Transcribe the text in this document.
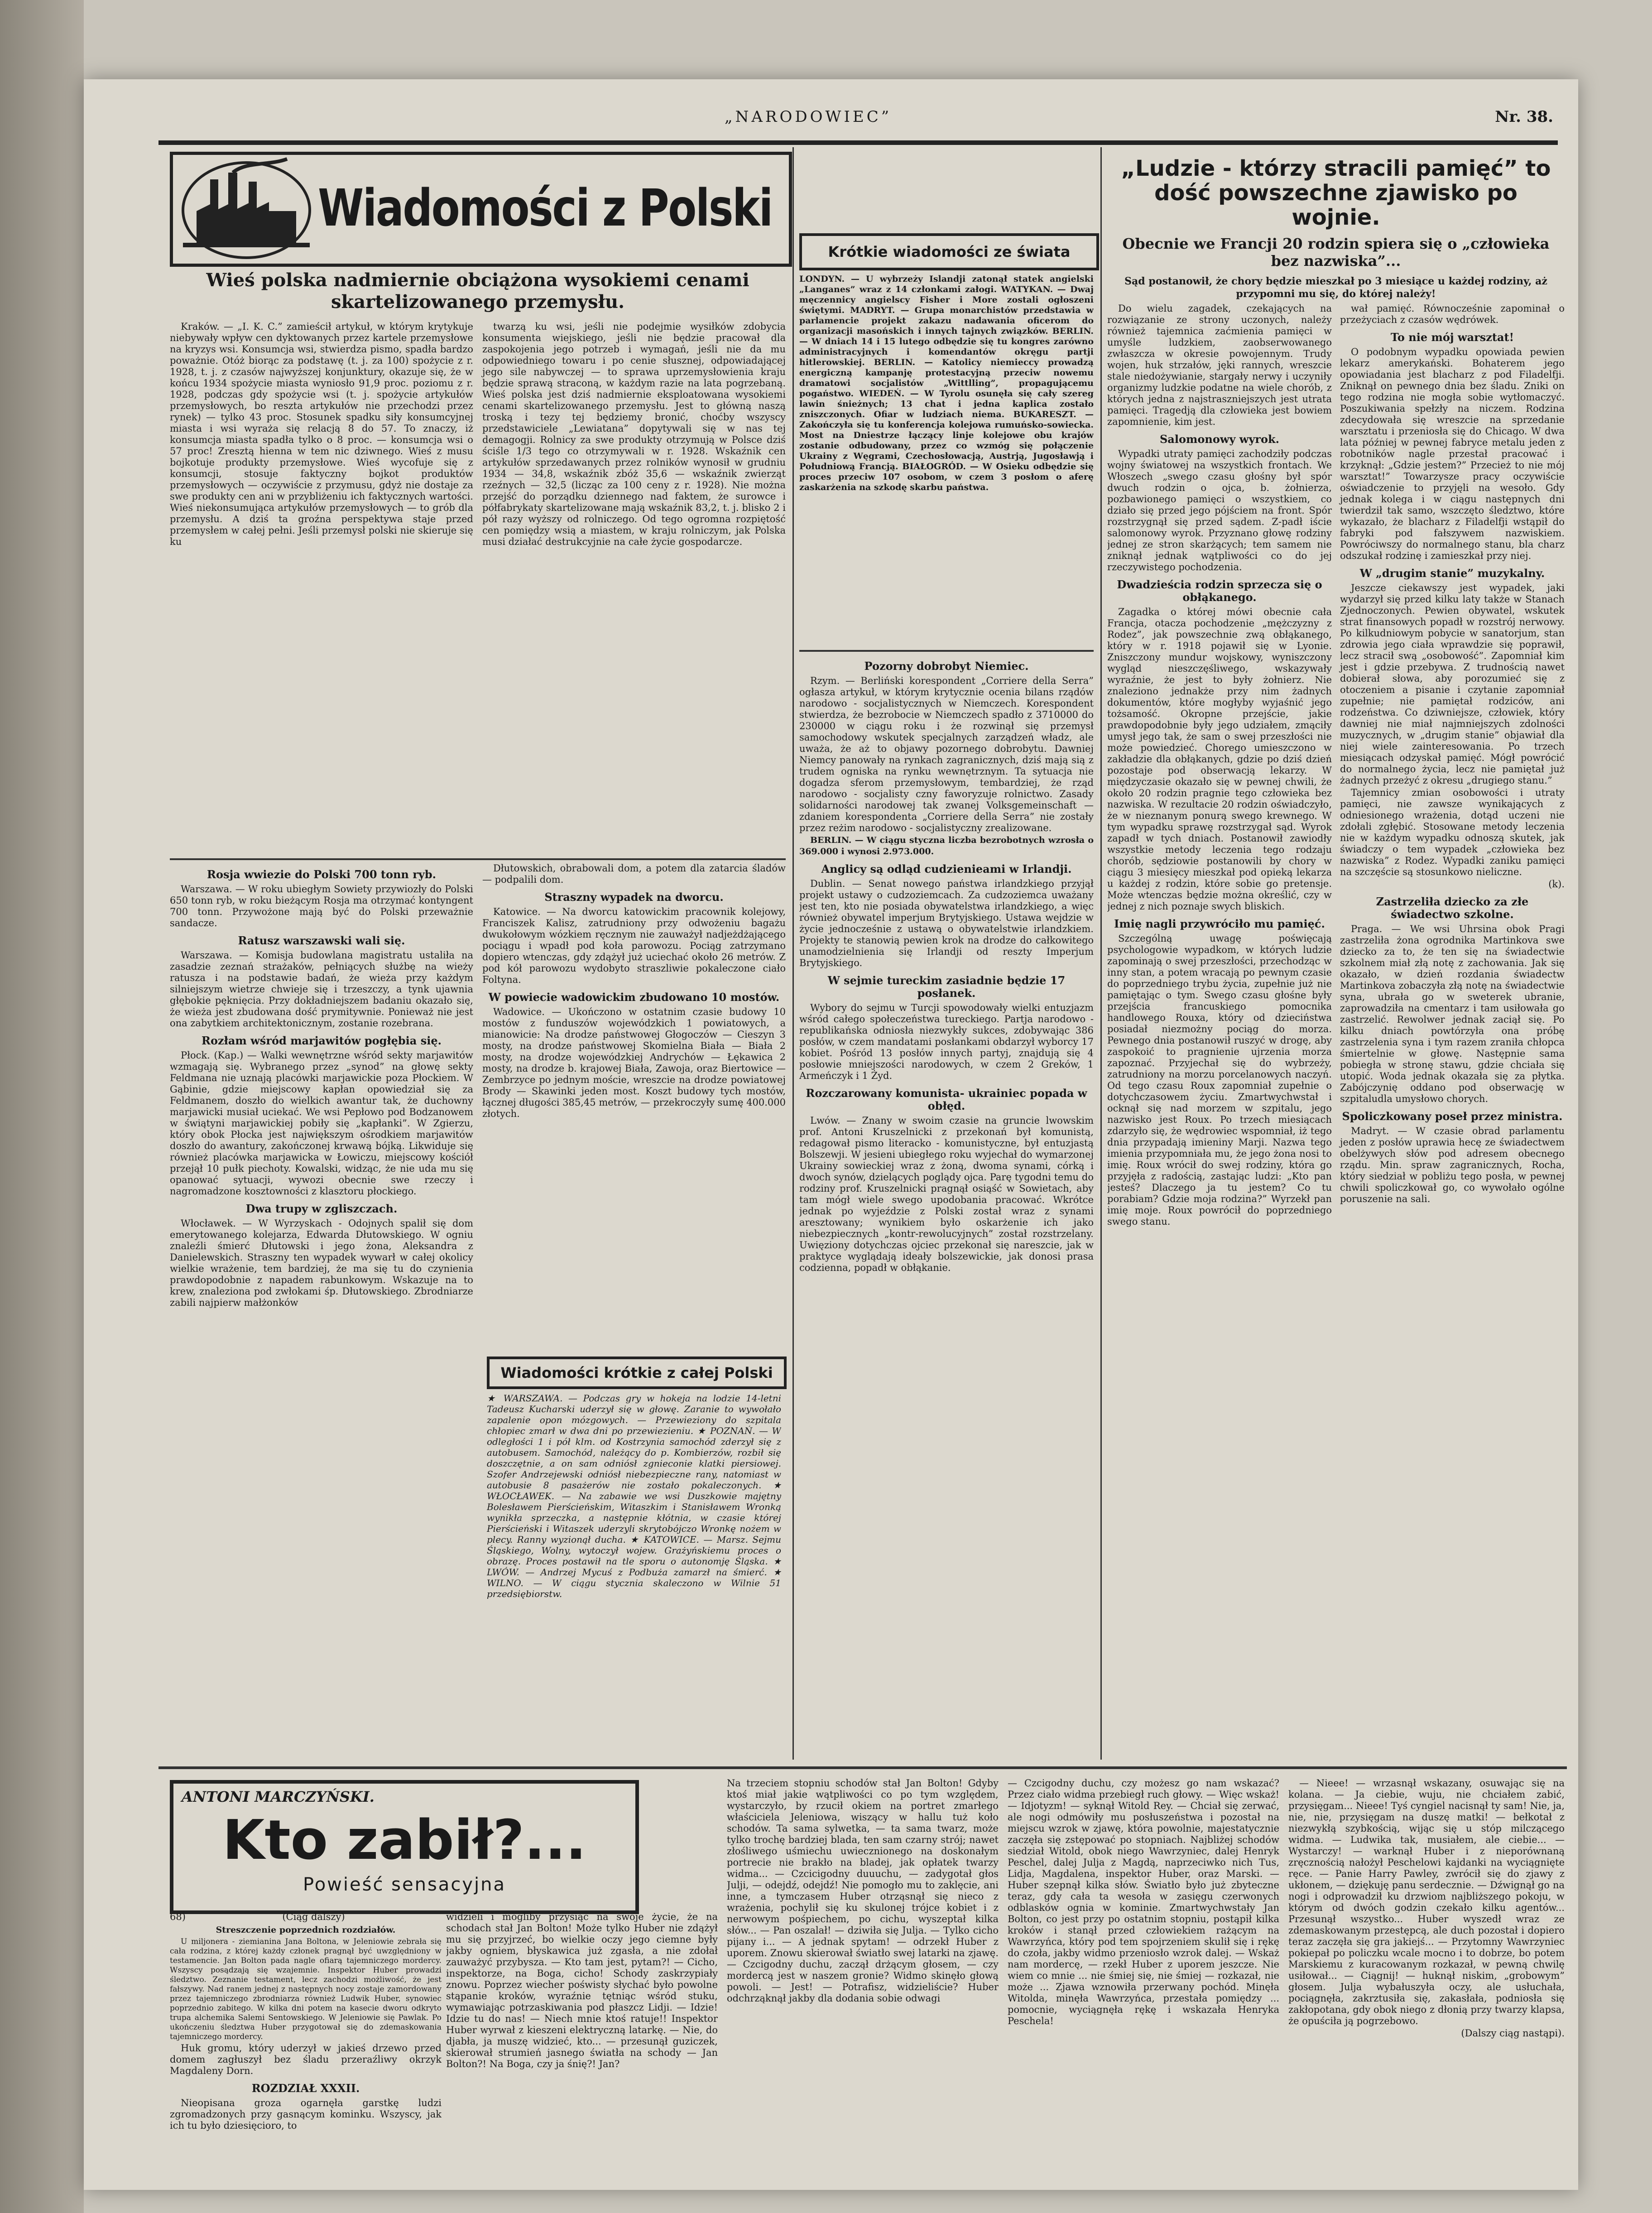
„NARODOWIEC”	Nr. 38.
Wiadomości z Polski
Wieś polska nadmiernie obciążona wysokiemi cenami skartelizowanego przemysłu.
Kraków. — „I. K. C.” zamieścił artykuł, w którym krytykuje niebywały wpływ cen dyktowanych przez kartele przemysłowe na kryzys wsi. Konsumcja wsi, stwierdza pismo, spadła bardzo poważnie. Otóż biorąc za podstawę (t. j. za 100) spożycie z r. 1928, t. j. z czasów najwyższej konjunktury, okazuje się, że w końcu 1934 spożycie miasta wyniosło 91,9 proc. poziomu z r. 1928, podczas gdy spożycie wsi (t. j. spożycie artykułów przemysłowych, bo reszta artykułów nie przechodzi przez rynek) — tylko 43 proc. Stosunek spadku siły konsumcyjnej miasta i wsi wyraża się relacją 8 do 57. To znaczy, iż konsumcja miasta spadła tylko o 8 proc. — konsumcja wsi o 57 proc! Zresztą hienna w tem nic dziwnego. Wieś z musu bojkotuje produkty przemysłowe. Wieś wycofuje się z konsumcji, stosuje faktyczny bojkot produktów przemysłowych — oczywiście z przymusu, gdyż nie dostaje za swe produkty cen ani w przybliżeniu ich faktycznych wartości. Wieś niekonsumująca artykułów przemysłowych — to grób dla przemysłu. A dziś ta groźna perspektywa staje przed przemysłem w całej pełni. Jeśli przemysł polski nie skieruje się ku
twarzą ku wsi, jeśli nie podejmie wysiłków zdobycia konsumenta wiejskiego, jeśli nie będzie pracował dla zaspokojenia jego potrzeb i wymagań, jeśli nie da mu odpowiedniego towaru i po cenie słusznej, odpowiadającej jego sile nabywczej — to sprawa uprzemysłowienia kraju będzie sprawą straconą, w każdym razie na lata pogrzebaną. Wieś polska jest dziś nadmiernie eksploatowana wysokiemi cenami skartelizowanego przemysłu. Jest to główną naszą troską i tezy tej będziemy bronić, choćby wszyscy przedstawiciele „Lewiatana” dopytywali się w nas tej demagogji. Rolnicy za swe produkty otrzymują w Polsce dziś ściśle 1/3 tego co otrzymywali w r. 1928. Wskaźnik cen artykułów sprzedawanych przez rolników wynosił w grudniu 1934 — 34,8, wskaźnik zbóż 35,6 — wskaźnik zwierząt rzeźnych — 32,5 (licząc za 100 ceny z r. 1928). Nie można przejść do porządku dziennego nad faktem, że surowce i półfabrykaty skartelizowane mają wskaźnik 83,2, t. j. blisko 2 i pół razy wyższy od rolniczego. Od tego ogromna rozpiętość cen pomiędzy wsią a miastem, w kraju rolniczym, jak Polska musi działać destrukcyjnie na całe życie gospodarcze.
Rosja wwiezie do Polski 700 tonn ryb.

Warszawa. — W roku ubiegłym Sowiety przywiozły do Polski 650 tonn ryb, w roku bieżącym Rosja ma otrzymać kontyngent 700 tonn. Przywożone mają być do Polski przeważnie sandacze.

Ratusz warszawski wali się.

Warszawa. — Komisja budowlana magistratu ustaliła na zasadzie zeznań strażaków, pełniących służbę na wieży ratusza i na podstawie badań, że wieża przy każdym silniejszym wietrze chwieje się i trzeszczy, a tynk ujawnia głębokie pęknięcia. Przy dokładniejszem badaniu okazało się, że wieża jest zbudowana dość prymitywnie. Ponieważ nie jest ona zabytkiem architektonicznym, zostanie rozebrana.

Rozłam wśród marjawitów pogłębia się.

Płock. (Kap.) — Walki wewnętrzne wśród sekty marjawitów wzmagają się. Wybranego przez „synod” na głowę sekty Feldmana nie uznają placówki marjawickie poza Płockiem. W Gąbinie, gdzie miejscowy kapłan opowiedział się za Feldmanem, doszło do wielkich awantur tak, że duchowny marjawicki musiał uciekać. We wsi Pepłowo pod Bodzanowem w świątyni marjawickiej pobiły się „kapłanki”. W Zgierzu, który obok Płocka jest największym ośrodkiem marjawitów doszło do awantury, zakończonej krwawą bójką. Likwiduje się również placówka marjawicka w Łowiczu, miejscowy kościół przejął 10 pułk piechoty. Kowalski, widząc, że nie uda mu się opanować sytuacji, wywozi obecnie swe rzeczy i nagromadzone kosztowności z klasztoru płockiego.

Dwa trupy w zgliszczach.

Włocławek. — W Wyrzyskach - Odojnych spalił się dom emerytowanego kolejarza, Edwarda Dłutowskiego. W ogniu znaleźli śmierć Dłutowski i jego żona, Aleksandra z Danielewskich. Straszny ten wypadek wywarł w całej okolicy wielkie wrażenie, tem bardziej, że ma się tu do czynienia prawdopodobnie z napadem rabunkowym. Wskazuje na to krew, znaleziona pod zwłokami śp. Dłutowskiego. Zbrodniarze zabili najpierw małżonków

Dłutowskich, obrabowali dom, a potem dla zatarcia śladów — podpalili dom.

Straszny wypadek na dworcu.

Katowice. — Na dworcu katowickim pracownik kolejowy, Franciszek Kalisz, zatrudniony przy odwożeniu bagażu dwukołowym wózkiem ręcznym nie zauważył nadjeżdżającego pociągu i wpadł pod koła parowozu. Pociąg zatrzymano dopiero wtenczas, gdy zdążył już uciechać około 26 metrów. Z pod kół parowozu wydobyto straszliwie pokaleczone ciało Foltyna.

W powiecie wadowickim zbudowano 10 mostów.

Wadowice. — Ukończono w ostatnim czasie budowy 10 mostów z funduszów wojewódzkich 1 powiatowych, a mianowicie: Na drodze państwowej Głogoczów — Cieszyn 3 mosty, na drodze państwowej Skomielna Biała — Biała 2 mosty, na drodze wojewódzkiej Andrychów — Łękawica 2 mosty, na drodze b. krajowej Biała, Zawoja, oraz Biertowice — Zembrzyce po jednym moście, wreszcie na drodze powiatowej Brody — Skawinki jeden most. Koszt budowy tych mostów, łącznej długości 385,45 metrów, — przekroczyły sumę 400.000 złotych.

Wiadomości krótkie z całej Polski
★ WARSZAWA. — Podczas gry w hokeja na lodzie 14-letni Tadeusz Kucharski uderzył się w głowę. Zaranie to wywołało zapalenie opon mózgowych. — Przewieziony do szpitala chłopiec zmarł w dwa dni po przewiezieniu. ★ POZNAŃ. — W odległości 1 i pół klm. od Kostrzynia samochód zderzył się z autobusem. Samochód, należący do p. Kombierzów, rozbił się doszczętnie, a on sam odniósł zgnieconie klatki piersiowej. Szofer Andrzejewski odniósł niebezpieczne rany, natomiast w autobusie 8 pasażerów nie zostało pokaleczonych. ★ WŁOCŁAWEK. — Na zabawie we wsi Duszkowie majętny Bolesławem Pierścieńskim, Witaszkim i Stanisławem Wronką wynikła sprzeczka, a następnie kłótnia, w czasie której Pierścieński i Witaszek uderzyli skrytobójczo Wronkę nożem w plecy. Ranny wyzionął ducha. ★ KATOWICE. — Marsz. Sejmu Śląskiego, Wolny, wytoczył wojew. Grażyńskiemu proces o obrazę. Proces postawił na tle sporu o autonomję Śląska. ★ LWÓW. — Andrzej Mycuś z Podbuża zamarzł na śmierć. ★ WILNO. — W ciągu stycznia skaleczono w Wilnie 51 przedsiębiorstw.
Krótkie wiadomości ze świata
LONDYN. — U wybrzeży Islandji zatonął statek angielski „Langanes” wraz z 14 członkami załogi. WATYKAN. — Dwaj męczennicy angielscy Fisher i More zostali ogłoszeni świętymi. MADRYT. — Grupa monarchistów przedstawia w parlamencie projekt zakazu nadawania oficerom do organizacji masońskich i innych tajnych związków. BERLIN. — W dniach 14 i 15 lutego odbędzie się tu kongres zarówno administracyjnych i komendantów okręgu partji hitlerowskiej. BERLIN. — Katolicy niemieccy prowadzą energiczną kampanję protestacyjną przeciw nowemu dramatowi socjalistów „Wittlling”, propagującemu pogaństwo. WIEDEŃ. — W Tyrolu osunęła się cały szereg lawin śnieżnych; 13 chat i jedna kaplica zostało zniszczonych. Ofiar w ludziach niema. BUKARESZT. — Zakończyła się tu konferencja kolejowa rumuńsko-sowiecka. Most na Dniestrze łączący linje kolejowe obu krajów zostanie odbudowany, przez co wzmóg się połączenie Ukrainy z Węgrami, Czechosłowacją, Austrją, Jugosławją i Południową Francją. BIAŁOGRÓD. — W Osieku odbędzie się proces przeciw 107 osobom, w czem 3 posłom o aferę zaskarżenia na szkodę skarbu państwa.
Pozorny dobrobyt Niemiec.

Rzym. — Berliński korespondent „Corriere della Serra” ogłasza artykuł, w którym krytycznie ocenia bilans rządów narodowo - socjalistycznych w Niemczech. Korespondent stwierdza, że bezrobocie w Niemczech spadło z 3710000 do 230000 w ciągu roku i że rozwinął się przemysł samochodowy wskutek specjalnych zarządzeń władz, ale uważa, że aż to objawy pozornego dobrobytu. Dawniej Niemcy panowały na rynkach zagranicznych, dziś mają sią z trudem ogniska na rynku wewnętrznym. Ta sytuacja nie dogadza sferom przemysłowym, tembardziej, że rząd narodowo - socjalisty czny faworyzuje rolnictwo. Zasady solidarności narodowej tak zwanej Volksgemeinschaft — zdaniem korespondenta „Corriere della Serra” nie zostały przez reżim narodowo - socjalistyczny zrealizowane.

BERLIN. — W ciągu styczna liczba bezrobotnych wzrosła o 369.000 i wynosi 2.973.000.

Anglicy są odląd cudzienieami w Irlandji.

Dublin. — Senat nowego państwa irlandzkiego przyjął projekt ustawy o cudzoziemcach. Za cudzoziemca uważany jest ten, kto nie posiada obywatelstwa irlandzkiego, a więc również obywatel imperjum Brytyjskiego. Ustawa wejdzie w życie jednocześnie z ustawą o obywatelstwie irlandzkiem. Projekty te stanowią pewien krok na drodze do całkowitego unamodzielnienia się Irlandji od reszty Imperjum Brytyjskiego.

W sejmie tureckim zasiadnie będzie 17 posłanek.

Wybory do sejmu w Turcji spowodowały wielki entuzjazm wśród całego społeczeństwa tureckiego. Partja narodowo - republikańska odniosła niezwykły sukces, zdobywając 386 posłów, w czem mandatami posłankami obdarzył wyborcy 17 kobiet. Pośród 13 posłów innych partyj, znajdują się 4 posłowie mniejszości narodowych, w czem 2 Greków, 1 Armeńczyk i 1 Żyd.

Rozczarowany komunista- ukrainiec popada w obłęd.

Lwów. — Znany w swoim czasie na gruncie lwowskim prof. Antoni Kruszelnicki z przekonań był komunistą, redagował pismo literacko - komunistyczne, był entuzjastą Bolszewji. W jesieni ubiegłego roku wyjechał do wymarzonej Ukrainy sowieckiej wraz z żoną, dwoma synami, córką i dwoch synów, dzielących poglądy ojca. Parę tygodni temu do rodziny prof. Kruszelnicki pragnął osiąść w Sowietach, aby tam mógł wiele swego upodobania pracować. Wkrótce jednak po wyjeździe z Polski został wraz z synami aresztowany; wynikiem było oskarżenie ich jako niebezpiecznych „kontr-rewolucyjnych” został rozstrzelany. Uwięziony dotychczas ojciec przekonał się nareszcie, jak w praktyce wyglądają ideały bolszewickie, jak donosi prasa codzienna, popadł w obłąkanie.

„Ludzie - którzy stracili pamięć” to dość powszechne zjawisko po wojnie.
Obecnie we Francji 20 rodzin spiera się o „człowieka bez nazwiska”...
Sąd postanowił, że chory będzie mieszkał po 3 miesiące u każdej rodziny, aż przypomni mu się, do której należy!

Do wielu zagadek, czekających na rozwiązanie ze strony uczonych, należy również tajemnica zaćmienia pamięci w umyśle ludzkiem, zaobserwowanego zwłaszcza w okresie powojennym. Trudy wojen, huk strzałów, jęki rannych, wreszcie stale niedożywianie, stargały nerwy i uczyniły organizmy ludzkie podatne na wiele chorób, z których jedna z najstraszniejszych jest utrata pamięci. Tragedją dla człowieka jest bowiem zapomnienie, kim jest.

Salomonowy wyrok.

Wypadki utraty pamięci zachodziły podczas wojny światowej na wszystkich frontach. We Włoszech „swego czasu głośny był spór dwuch rodzin o ojca, b. żołnierza, pozbawionego pamięci o wszystkiem, co działo się przed jego pójściem na front. Spór rozstrzygnął się przed sądem. Z-padł iście salomonowy wyrok. Przyznano głowę rodziny jednej ze stron skarżących; tem samem nie zniknął jednak wątpliwości co do jej rzeczywistego pochodzenia.

Dwadzieścia rodzin sprzecza się o obłąkanego.

Zagadka o której mówi obecnie cała Francja, otacza pochodzenie „mężczyzny z Rodez”, jak powszechnie zwą obłąkanego, który w r. 1918 pojawił się w Lyonie. Zniszczony mundur wojskowy, wyniszczony wygląd nieszczęśliwego, wskazywały wyraźnie, że jest to były żołnierz. Nie znaleziono jednakże przy nim żadnych dokumentów, które mogłyby wyjaśnić jego tożsamość. Okropne przejście, jakie prawdopodobnie były jego udziałem, zmąciły umysł jego tak, że sam o swej przeszłości nie może powiedzieć. Chorego umieszczono w zakładzie dla obłąkanych, gdzie po dziś dzień pozostaje pod obserwacją lekarzy. W międzyczasie okazało się w pewnej chwili, że około 20 rodzin pragnie tego człowieka bez nazwiska. W rezultacie 20 rodzin oświadczyło, że w nieznanym ponurą swego krewnego. W tym wypadku sprawę rozstrzygał sąd. Wyrok zapadł w tych dniach. Postanowił zawiodły wszystkie metody leczenia tego rodzaju chorób, sędziowie postanowili by chory w ciągu 3 miesięcy mieszkał pod opieką lekarza u każdej z rodzin, które sobie go pretensje. Może wtenczas będzie można określić, czy w jednej z nich poznaje swych bliskich.

Imię nagli przywróciło mu pamięć.

Szczególną uwagę poświęcają psychologowie wypadkom, w których ludzie zapominają o swej przeszłości, przechodząc w inny stan, a potem wracają po pewnym czasie do poprzedniego trybu życia, zupełnie już nie pamiętając o tym. Swego czasu głośne były przejścia francuskiego pomocnika handlowego Rouxa, który od dzieciństwa posiadał niezmożny pociąg do morza. Pewnego dnia postanowił ruszyć w drogę, aby zaspokoić to pragnienie ujrzenia morza zapoznać. Przyjechał się do wybrzeży, zatrudniony na morzu porcelanowych naczyń. Od tego czasu Roux zapomniał zupełnie o dotychczasowem życiu. Zmartwychwstał i ocknął się nad morzem w szpitalu, jego nazwisko jest Roux. Po trzech miesiącach zdarzyło się, że wędrowiec wspomniał, iż tego dnia przypadają imieniny Marji. Nazwa tego imienia przypomniała mu, że jego żona nosi to imię. Roux wrócił do swej rodziny, która go przyjęła z radością, zastając ludzi: „Kto pan jesteś? Dlaczego ja tu jestem? Co tu porabiam? Gdzie moja rodzina?” Wyrzekł pan imię moje. Roux powrócił do poprzedniego swego stanu.

wał pamięć. Równocześnie zapominał o przeżyciach z czasów wędrówek.

To nie mój warsztat!

O podobnym wypadku opowiada pewien lekarz amerykański. Bohaterem jego opowiadania jest blacharz z pod Filadelfji. Zniknął on pewnego dnia bez śladu. Zniki on tego rodzina nie mogła sobie wytłomaczyć. Poszukiwania spełzły na niczem. Rodzina zdecydowała się wreszcie na sprzedanie warsztatu i przeniosła się do Chicago. W dwa lata później w pewnej fabryce metalu jeden z robotników nagle przestał pracować i krzyknął: „Gdzie jestem?” Przecież to nie mój warsztat!” Towarzysze pracy oczywiście oświadczenie to przyjęli na wesoło. Gdy jednak kolega i w ciągu następnych dni twierdził tak samo, wszczęto śledztwo, które wykazało, że blacharz z Filadelfji wstąpił do fabryki pod fałszywem nazwiskiem. Powróciwszy do normalnego stanu, bla charz odszukał rodzinę i zamieszkał przy niej.

W „drugim stanie” muzykalny.

Jeszcze ciekawszy jest wypadek, jaki wydarzył się przed kilku laty także w Stanach Zjednoczonych. Pewien obywatel, wskutek strat finansowych popadł w rozstrój nerwowy. Po kilkudniowym pobycie w sanatorjum, stan zdrowia jego ciała wprawdzie się poprawił, lecz stracił swą „osobowość”. Zapomniał kim jest i gdzie przebywa. Z trudnością nawet dobierał słowa, aby porozumieć się z otoczeniem a pisanie i czytanie zapomniał zupełnie; nie pamiętał rodziców, ani rodzeństwa. Co dziwniejsze, człowiek, który dawniej nie miał najmniejszych zdolności muzycznych, w „drugim stanie” objawiał dla niej wiele zainteresowania. Po trzech miesiącach odzyskał pamięć. Mógł powrócić do normalnego życia, lecz nie pamiętał już żadnych przeżyć z okresu „drugiego stanu.”

Tajemnicy zmian osobowości i utraty pamięci, nie zawsze wynikających z odniesionego wrażenia, dotąd uczeni nie zdołali zgłębić. Stosowane metody leczenia nie w każdym wypadku odnoszą skutek, jak świadczy o tem wypadek „człowieka bez nazwiska” z Rodez. Wypadki zaniku pamięci na szczęście są stosunkowo nieliczne.

(k).

Zastrzeliła dziecko za złe świadectwo szkolne.

Praga. — We wsi Uhrsina obok Pragi zastrzeliła żona ogrodnika Martinkova swe dziecko za to, że ten się na świadectwie szkolnem miał złą notę z zachowania. Jak się okazało, w dzień rozdania świadectw Martinkova zobaczyła złą notę na świadectwie syna, ubrała go w sweterek ubranie, zaprowadziła na cmentarz i tam usiłowała go zastrzelić. Rewolwer jednak zaciął się. Po kilku dniach powtórzyła ona próbę zastrzelenia syna i tym razem zraniła chłopca śmiertelnie w głowę. Następnie sama pobiegła w stronę stawu, gdzie chciała się utopić. Woda jednak okazała się za płytka. Zabójczynię oddano pod obserwację w szpitaludla umysłowo chorych.

Spoliczkowany poseł przez ministra.

Madryt. — W czasie obrad parlamentu jeden z posłów uprawia hecę ze świadectwem obelżywych słów pod adresem obecnego rządu. Min. spraw zagranicznych, Rocha, który siedział w pobliżu tego posła, w pewnej chwili spoliczkował go, co wywołało ogólne poruszenie na sali.

ANTONI MARCZYŃSKI.
Kto zabił?...
Powieść sensacyjna
68)	(Ciąg dalszy)
Streszczenie poprzednich rozdziałów.

U miljonera - ziemianina Jana Boltona, w Jeleniowie zebrała się cała rodzina, z której każdy członek pragnął być uwzględniony w testamencie. Jan Bolton pada nagle ofiarą tajemniczego mordercy. Wszyscy posądzają się wzajemnie. Inspektor Huber prowadzi śledztwo. Zeznanie testament, lecz zachodzi możliwość, że jest fałszywy. Nad ranem jednej z następnych nocy zostaje zamordowany przez tajemniczego zbrodniarza również Ludwik Huber, synowiec poprzednio zabitego. W kilka dni potem na kasecie dworu odkryto trupa alchemika Salemi Sentowskiego. W Jeleniowie się Pawlak. Po ukończeniu śledztwa Huber przygotował się do zdemaskowania tajemniczego mordercy.

Huk gromu, który uderzył w jakieś drzewo przed domem zagłuszył bez śladu przeraźliwy okrzyk Magdaleny Dorn.

ROZDZIAŁ XXXII.

Nieopisana groza ogarnęła garstkę ludzi zgromadzonych przy gasnącym kominku. Wszyscy, jak ich tu było dziesięcioro, to

widzieli i mogliby przysiąc na swoje życie, że na schodach stał Jan Bolton! Może tylko Huber nie zdążył mu się przyjrzeć, bo wielkie oczy jego ciemne były jakby ogniem, błyskawica już zgasła, a nie zdołał zauważyć przybysza. — Kto tam jest, pytam?! — Cicho, inspektorze, na Boga, cicho! Schody zaskrzypiały znowu. Poprzez wiecher poświsty słychać było powolne stąpanie kroków, wyraźnie tętniąc wśród stuku, wymawiając potrzaskiwania pod płaszcz Lidji. — Idzie! Idzie tu do nas! — Niech mnie ktoś ratuje!! Inspektor Huber wyrwał z kieszeni elektryczną latarkę. — Nie, do djabła, ja muszę widzieć, kto... — przesunął guziczek, skierował strumień jasnego światła na schody — Jan Bolton?! Na Boga, czy ja śnię?! Jan?
Na trzeciem stopniu schodów stał Jan Bolton! Gdyby ktoś miał jakie wątpliwości co po tym względem, wystarczyło, by rzucił okiem na portret zmarłego właściciela Jeleniowa, wiszący w hallu tuż koło schodów. Ta sama sylwetka, — ta sama twarz, może tylko trochę bardziej blada, ten sam czarny strój; nawet złośliwego uśmiechu uwiecznionego na doskonałym portrecie nie brakło na bladej, jak opłatek twarzy widma... — Czcicigodny duuuchu, — zadygotał głos Julji, — odejdź, odejdź! Nie pomogło mu to zaklęcie, ani inne, a tymczasem Huber otrząsnął się nieco z wrażenia, pochylił się ku skulonej trójce kobiet i z nerwowym pośpiechem, po cichu, wyszeptał kilka słów... — Pan oszalał! — dziwiła się Julja. — Tylko cicho pijany i... — A jednak spytam! — odrzekł Huber z uporem. Znowu skierował światło swej latarki na zjawę. — Czcigodny duchu, zaczął drżącym głosem, — czy mordercą jest w naszem gronie? Widmo skinęło głową powoli. — Jest! — Potrafisz, widzieliście? Huber odchrząknął jakby dla dodania sobie odwagi
— Czcigodny duchu, czy możesz go nam wskazać? Przez ciało widma przebiegł ruch głowy. — Więc wskaż! — Idjotyzm! — syknął Witold Rey. — Chciał się zerwać, ale nogi odmówiły mu posłuszeństwa i pozostał na miejscu wzrok w zjawę, która powolnie, majestatycznie zaczęła się zstępować po stopniach. Najbliżej schodów siedział Witold, obok niego Wawrzyniec, dalej Henryk Peschel, dalej Julja z Magdą, naprzeciwko nich Tus, Lidja, Magdalena, inspektor Huber, oraz Marski. — Huber szepnął kilka słów. Światło było już zbyteczne teraz, gdy cała ta wesoła w zasięgu czerwonych odblasków ognia w kominie. Zmartwychwstały Jan Bolton, co jest przy po ostatnim stopniu, postąpił kilka kroków i stanął przed człowiekiem rażącym na Wawrzyńca, który pod tem spojrzeniem skulił się i rękę do czoła, jakby widmo przeniosło wzrok dalej. — Wskaż nam mordercę, — rzekł Huber z uporem jeszcze. Nie wiem co mnie ... nie śmiej się, nie śmiej — rozkazał, nie może ... Zjawa wznowiła przerwany pochód. Minęła Witolda, minęła Wawrzyńca, przestała pomiędzy ... pomocnie, wyciągnęła rękę i wskazała Henryka Peschela!

— Nieee! — wrzasnął wskazany, osuwając się na kolana. — Ja ciebie, wuju, nie chciałem zabić, przysięgam... Nieee! Tyś cyngiel nacisnął ty sam! Nie, ja, nie, nie, przysięgam na duszę matki! — bełkotał z niezwykłą szybkością, wijąc się u stóp milczącego widma. — Ludwika tak, musiałem, ale ciebie... — Wystarczy! — warknął Huber i z nieporównaną zręcznością nałożył Peschelowi kajdanki na wyciągnięte ręce. — Panie Harry Pawley, zwrócił się do zjawy z ukłonem, — dziękuję panu serdecznie. — Dźwignął go na nogi i odprowadził ku drzwiom najbliższego pokoju, w którym od dwóch godzin czekało kilku agentów... Przesunął wszystko... Huber wyszedł wraz ze zdemaskowanym przestępcą, ale duch pozostał i dopiero teraz zaczęła się gra jakiejś... — Przytomny Wawrzyniec pokiepał po policzku wcale mocno i to dobrze, bo potem Marskiemu z kuracowanym rozkazał, w pewną chwilę usiłował... — Ciągnij! — huknął niskim, „grobowym” głosem. Julja wybałuszyła oczy, ale usłuchała, pociągnęła, zakrztusiła się, zakasłała, podniosła się zakłopotana, gdy obok niego z dłonią przy twarzy klapsa, że opuściła ją pogrzebowo.

(Dalszy ciąg nastąpi).
